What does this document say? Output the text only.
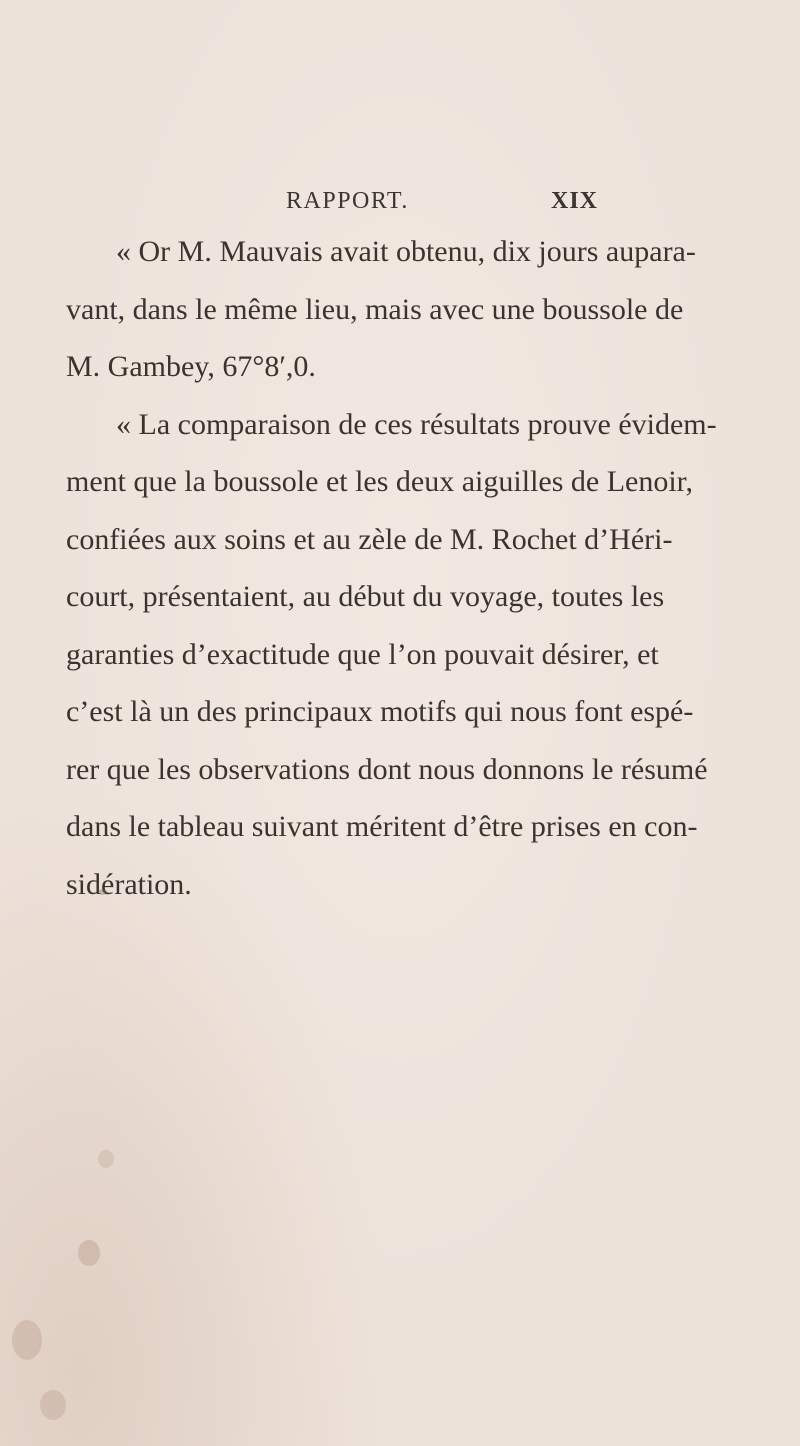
RAPPORT.	XIX
« Or M. Mauvais avait obtenu, dix jours aupara-
vant, dans le même lieu, mais avec une boussole de
M. Gambey, 67°8′,0.
« La comparaison de ces résultats prouve évidem-
ment que la boussole et les deux aiguilles de Lenoir,
confiées aux soins et au zèle de M. Rochet d’Héri-
court, présentaient, au début du voyage, toutes les
garanties d’exactitude que l’on pouvait désirer, et
c’est là un des principaux motifs qui nous font espé-
rer que les observations dont nous donnons le résumé
dans le tableau suivant méritent d’être prises en con-
sidération.
